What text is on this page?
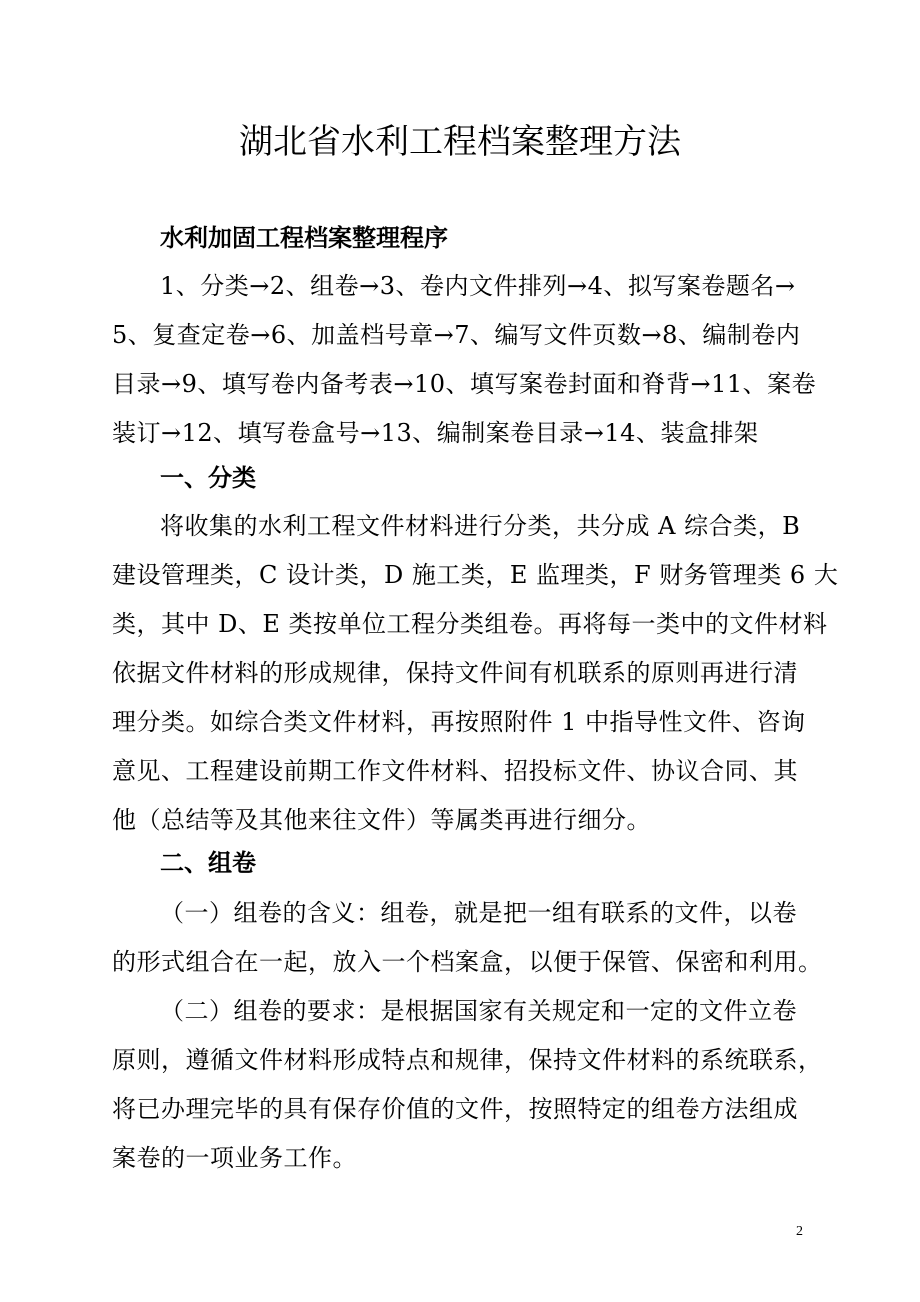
湖北省水利工程档案整理方法
水利加固工程档案整理程序
1、分类→2、组卷→3、卷内文件排列→4、拟写案卷题名→
5、复查定卷→6、加盖档号章→7、编写文件页数→8、编制卷内
目录→9、填写卷内备考表→10、填写案卷封面和脊背→11、案卷
装订→12、填写卷盒号→13、编制案卷目录→14、装盒排架
一、分类
将收集的水利工程文件材料进行分类，共分成 A 综合类，B
建设管理类，C 设计类，D 施工类，E 监理类，F 财务管理类 6 大
类，其中 D、E 类按单位工程分类组卷。再将每一类中的文件材料
依据文件材料的形成规律，保持文件间有机联系的原则再进行清
理分类。如综合类文件材料，再按照附件 1 中指导性文件、咨询
意见、工程建设前期工作文件材料、招投标文件、协议合同、其
他（总结等及其他来往文件）等属类再进行细分。
二、组卷
（一）组卷的含义：组卷，就是把一组有联系的文件，以卷
的形式组合在一起，放入一个档案盒，以便于保管、保密和利用。
（二）组卷的要求：是根据国家有关规定和一定的文件立卷
原则，遵循文件材料形成特点和规律，保持文件材料的系统联系，
将已办理完毕的具有保存价值的文件，按照特定的组卷方法组成
案卷的一项业务工作。
2
